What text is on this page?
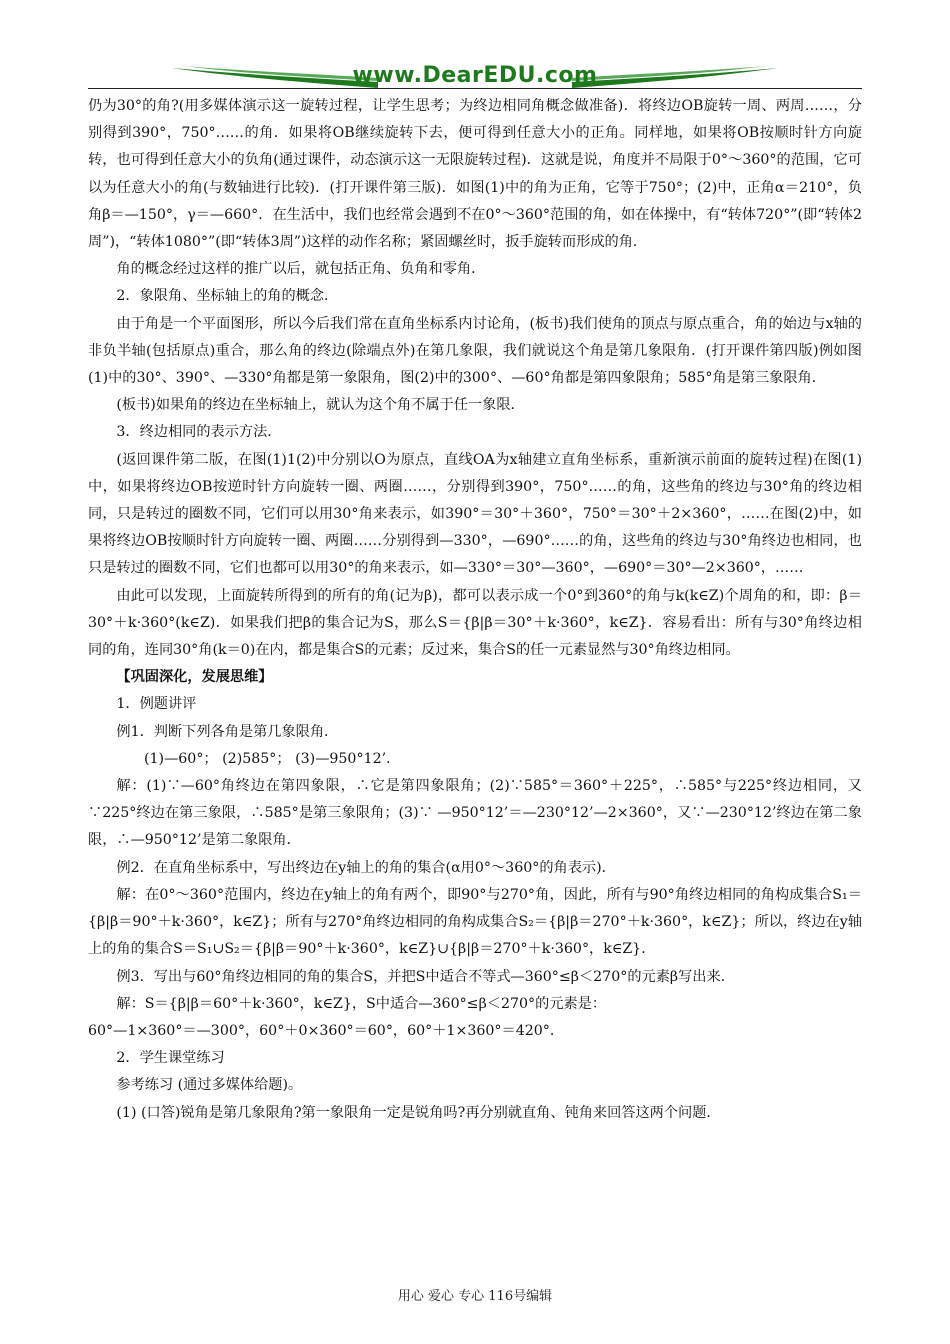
www.DearEDU.com

仍为30°的角?(用多媒体演示这一旋转过程，让学生思考；为终边相同角概念做准备)．将终边OB旋转一周、两周……，分别得到390°，750°……的角．如果将OB继续旋转下去，便可得到任意大小的正角。同样地，如果将OB按顺时针方向旋转，也可得到任意大小的负角(通过课件，动态演示这一无限旋转过程)．这就是说，角度并不局限于0°～360°的范围，它可以为任意大小的角(与数轴进行比较)．(打开课件第三版)．如图(1)中的角为正角，它等于750°；(2)中，正角α＝210°，负角β＝—150°，γ＝—660°．在生活中，我们也经常会遇到不在0°～360°范围的角，如在体操中，有“转体720°”(即“转体2周”)，“转体1080°”(即“转体3周”)这样的动作名称；紧固螺丝时，扳手旋转而形成的角．

角的概念经过这样的推广以后，就包括正角、负角和零角．

2．象限角、坐标轴上的角的概念．

由于角是一个平面图形，所以今后我们常在直角坐标系内讨论角，(板书)我们使角的顶点与原点重合，角的始边与x轴的非负半轴(包括原点)重合，那么角的终边(除端点外)在第几象限，我们就说这个角是第几象限角．(打开课件第四版)例如图(1)中的30°、390°、—330°角都是第一象限角，图(2)中的300°、—60°角都是第四象限角；585°角是第三象限角．

(板书)如果角的终边在坐标轴上，就认为这个角不属于任一象限．

3．终边相同的表示方法．

(返回课件第二版，在图(1)1(2)中分别以O为原点，直线OA为x轴建立直角坐标系，重新演示前面的旋转过程)在图(1)中，如果将终边OB按逆时针方向旋转一圈、两圈……，分别得到390°，750°……的角，这些角的终边与30°角的终边相同，只是转过的圈数不同，它们可以用30°角来表示，如390°＝30°＋360°，750°＝30°＋2×360°，……在图(2)中，如果将终边OB按顺时针方向旋转一圈、两圈……分别得到—330°，—690°……的角，这些角的终边与30°角终边也相同，也只是转过的圈数不同，它们也都可以用30°的角来表示，如—330°＝30°—360°，—690°＝30°—2×360°，……

由此可以发现，上面旋转所得到的所有的角(记为β)，都可以表示成一个0°到360°的角与k(k∈Z)个周角的和，即：β＝30°＋k·360°(k∈Z)．如果我们把β的集合记为S，那么S＝{β|β＝30°＋k·360°，k∈Z}．容易看出：所有与30°角终边相同的角，连同30°角(k＝0)在内，都是集合S的元素；反过来，集合S的任一元素显然与30°角终边相同。

【巩固深化，发展思维】

1．例题讲评

例1．判断下列各角是第几象限角．

(1)—60°； (2)585°； (3)—950°12’．

解：(1)∵—60°角终边在第四象限，∴它是第四象限角；(2)∵585°＝360°＋225°，∴585°与225°终边相同，又∵225°终边在第三象限，∴585°是第三象限角；(3)∵ —950°12’＝—230°12’—2×360°，又∵—230°12’终边在第二象限，∴—950°12’是第二象限角．

例2．在直角坐标系中，写出终边在y轴上的角的集合(α用0°～360°的角表示)．

解：在0°～360°范围内，终边在y轴上的角有两个，即90°与270°角，因此，所有与90°角终边相同的角构成集合S₁＝{β|β＝90°＋k·360°，k∈Z}；所有与270°角终边相同的角构成集合S₂＝{β|β＝270°＋k·360°，k∈Z}；所以，终边在y轴上的角的集合S＝S₁∪S₂＝{β|β＝90°＋k·360°，k∈Z}∪{β|β＝270°＋k·360°，k∈Z}．

例3．写出与60°角终边相同的角的集合S，并把S中适合不等式—360°≤β＜270°的元素β写出来．

解：S＝{β|β＝60°＋k·360°，k∈Z}，S中适合—360°≤β＜270°的元素是：

60°—1×360°＝—300°，60°＋0×360°＝60°，60°＋1×360°＝420°．

2．学生课堂练习

参考练习 (通过多媒体给题)。

(1) (口答)锐角是第几象限角?第一象限角一定是锐角吗?再分别就直角、钝角来回答这两个问题．

用心 爱心 专心 116号编辑
